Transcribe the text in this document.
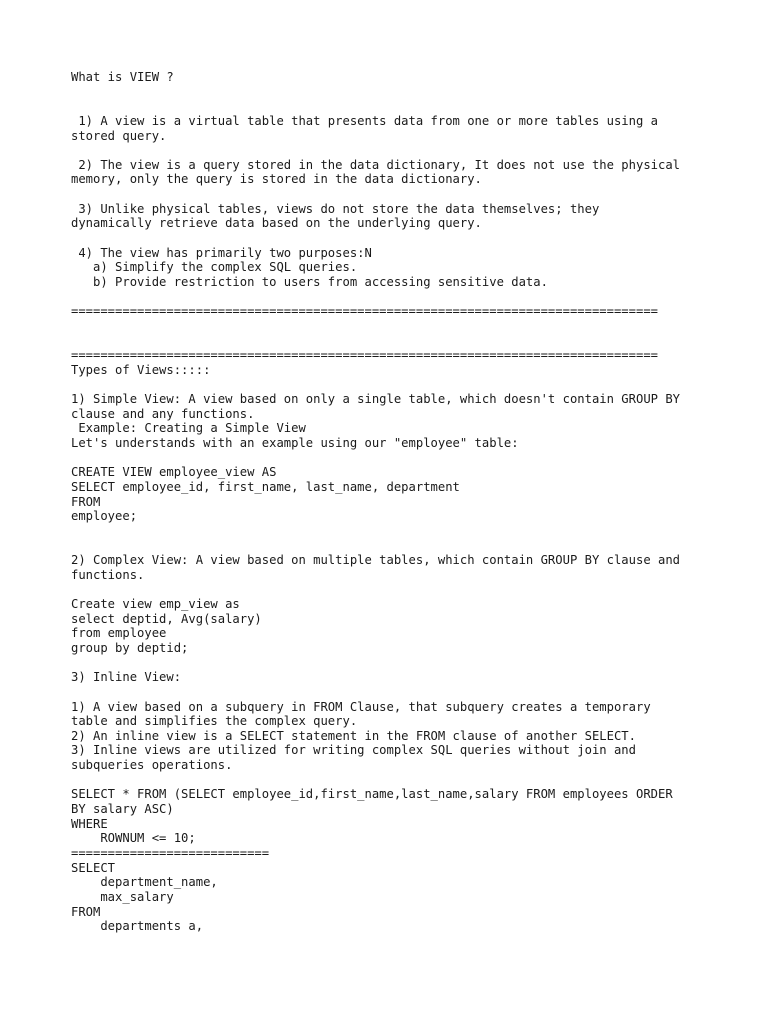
What is VIEW ?
1) A view is a virtual table that presents data from one or more tables using a
stored query.
2) The view is a query stored in the data dictionary, It does not use the physical
memory, only the query is stored in the data dictionary.
3) Unlike physical tables, views do not store the data themselves; they
dynamically retrieve data based on the underlying query.
4) The view has primarily two purposes:N
a) Simplify the complex SQL queries.
b) Provide restriction to users from accessing sensitive data.
================================================================================
================================================================================
Types of Views:::::
1) Simple View: A view based on only a single table, which doesn't contain GROUP BY
clause and any functions.
Example: Creating a Simple View
Let's understands with an example using our "employee" table:
CREATE VIEW employee_view AS
SELECT employee_id, first_name, last_name, department
FROM
employee;
2) Complex View: A view based on multiple tables, which contain GROUP BY clause and
functions.
Create view emp_view as
select deptid, Avg(salary)
from employee
group by deptid;
3) Inline View:
1) A view based on a subquery in FROM Clause, that subquery creates a temporary
table and simplifies the complex query.
2) An inline view is a SELECT statement in the FROM clause of another SELECT.
3) Inline views are utilized for writing complex SQL queries without join and
subqueries operations.
SELECT * FROM (SELECT employee_id,first_name,last_name,salary FROM employees ORDER
BY salary ASC)
WHERE
ROWNUM <= 10;
===========================
SELECT
department_name,
max_salary
FROM
departments a,
